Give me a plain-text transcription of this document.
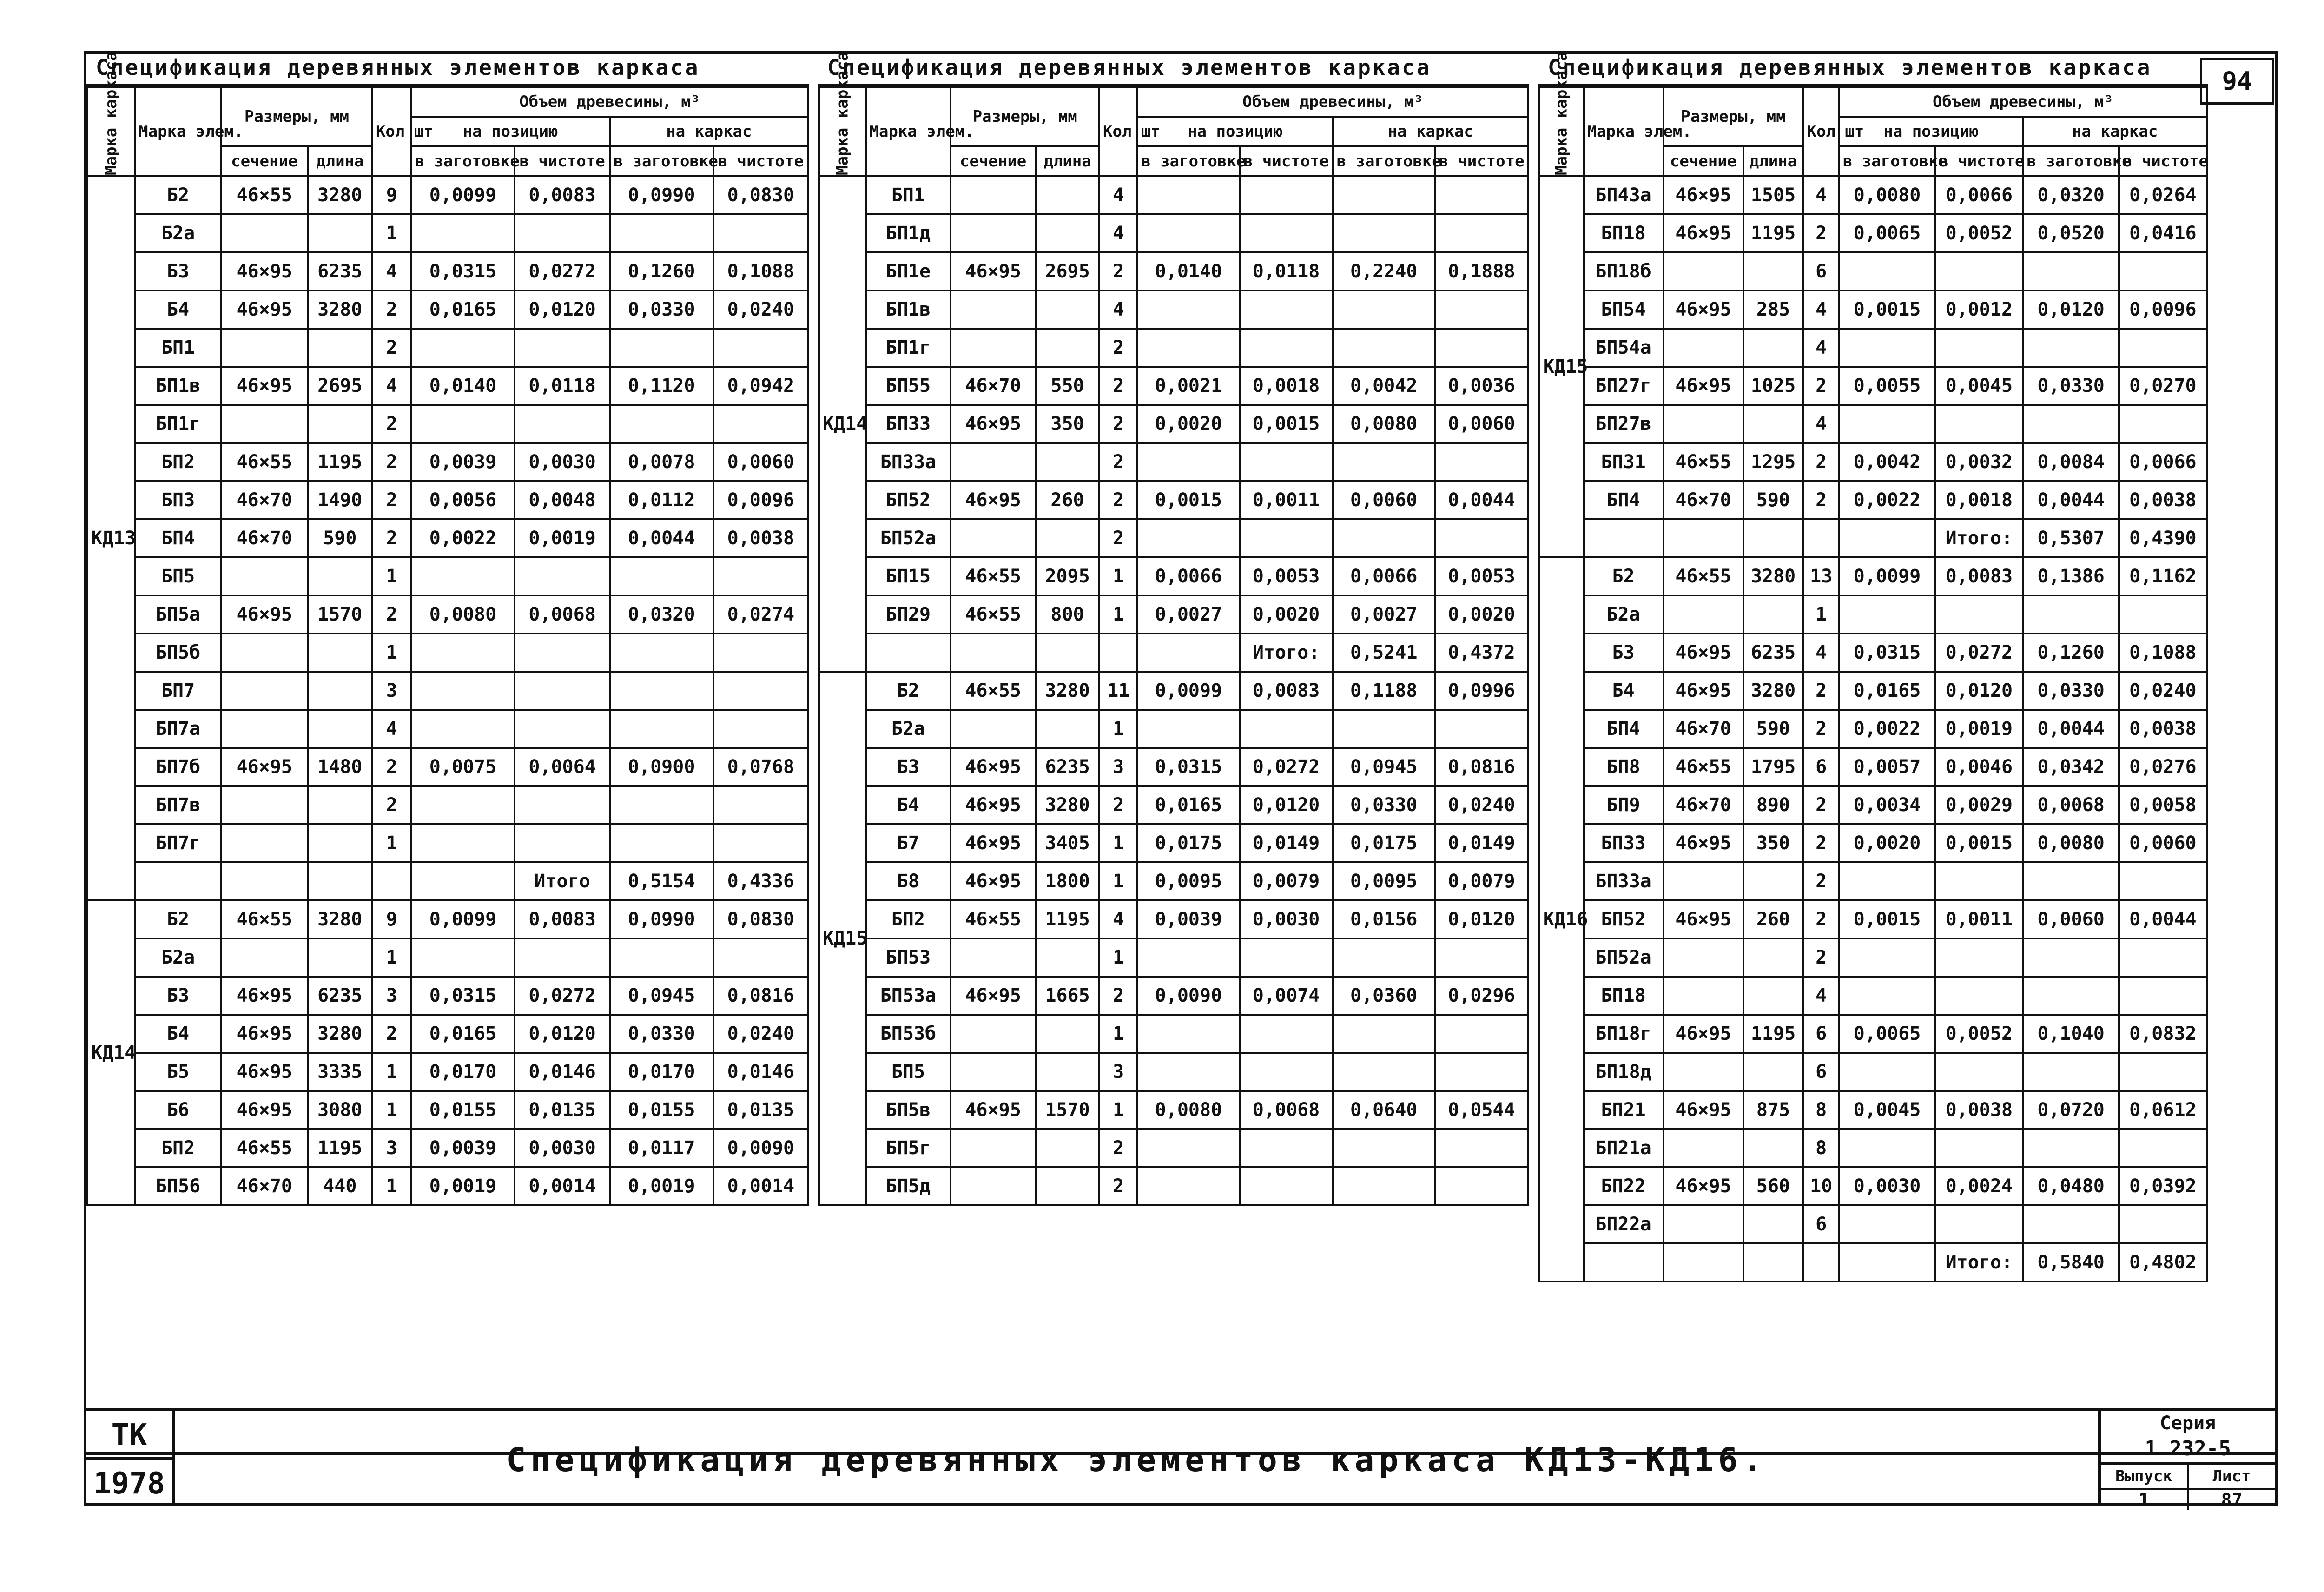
94
Спецификация деревянных элементов каркаса
Марка каркаса	Марка элем.	Размеры, мм		Кол шт	Объем древесины, м³			
					на позицию		на каркас	
		сечение	длина		в заготовке	в чистоте	в заготовке	в чистоте
КД13	Б2	46×55	3280	9	0,0099	0,0083	0,0990	0,0830
	Б2а			1				
	Б3	46×95	6235	4	0,0315	0,0272	0,1260	0,1088
	Б4	46×95	3280	2	0,0165	0,0120	0,0330	0,0240
	БП1			2				
	БП1в	46×95	2695	4	0,0140	0,0118	0,1120	0,0942
	БП1г			2				
	БП2	46×55	1195	2	0,0039	0,0030	0,0078	0,0060
	БП3	46×70	1490	2	0,0056	0,0048	0,0112	0,0096
	БП4	46×70	590	2	0,0022	0,0019	0,0044	0,0038
	БП5			1				
	БП5а	46×95	1570	2	0,0080	0,0068	0,0320	0,0274
	БП5б			1				
	БП7			3				
	БП7а			4				
	БП7б	46×95	1480	2	0,0075	0,0064	0,0900	0,0768
	БП7в			2				
	БП7г			1				
						Итого	0,5154	0,4336
КД14	Б2	46×55	3280	9	0,0099	0,0083	0,0990	0,0830
	Б2а			1				
	Б3	46×95	6235	3	0,0315	0,0272	0,0945	0,0816
	Б4	46×95	3280	2	0,0165	0,0120	0,0330	0,0240
	Б5	46×95	3335	1	0,0170	0,0146	0,0170	0,0146
	Б6	46×95	3080	1	0,0155	0,0135	0,0155	0,0135
	БП2	46×55	1195	3	0,0039	0,0030	0,0117	0,0090
	БП56	46×70	440	1	0,0019	0,0014	0,0019	0,0014
Спецификация деревянных элементов каркаса
Марка каркаса	Марка элем.	Размеры, мм		Кол шт	Объем древесины, м³			
					на позицию		на каркас	
		сечение	длина		в заготовке	в чистоте	в заготовке	в чистоте
КД14	БП1			4				
	БП1д			4				
	БП1е	46×95	2695	2	0,0140	0,0118	0,2240	0,1888
	БП1в			4				
	БП1г			2				
	БП55	46×70	550	2	0,0021	0,0018	0,0042	0,0036
	БП33	46×95	350	2	0,0020	0,0015	0,0080	0,0060
	БП33а			2				
	БП52	46×95	260	2	0,0015	0,0011	0,0060	0,0044
	БП52а			2				
	БП15	46×55	2095	1	0,0066	0,0053	0,0066	0,0053
	БП29	46×55	800	1	0,0027	0,0020	0,0027	0,0020
						Итого:	0,5241	0,4372
КД15	Б2	46×55	3280	11	0,0099	0,0083	0,1188	0,0996
	Б2а			1				
	Б3	46×95	6235	3	0,0315	0,0272	0,0945	0,0816
	Б4	46×95	3280	2	0,0165	0,0120	0,0330	0,0240
	Б7	46×95	3405	1	0,0175	0,0149	0,0175	0,0149
	Б8	46×95	1800	1	0,0095	0,0079	0,0095	0,0079
	БП2	46×55	1195	4	0,0039	0,0030	0,0156	0,0120
	БП53			1				
	БП53а	46×95	1665	2	0,0090	0,0074	0,0360	0,0296
	БП53б			1				
	БП5			3				
	БП5в	46×95	1570	1	0,0080	0,0068	0,0640	0,0544
	БП5г			2				
	БП5д			2				
Спецификация деревянных элементов каркаса
Марка каркаса	Марка элем.	Размеры, мм		Кол шт	Объем древесины, м³			
					на позицию		на каркас	
		сечение	длина		в заготовке	в чистоте	в заготовке	в чистоте
КД15	БП43а	46×95	1505	4	0,0080	0,0066	0,0320	0,0264
	БП18	46×95	1195	2	0,0065	0,0052	0,0520	0,0416
	БП18б			6				
	БП54	46×95	285	4	0,0015	0,0012	0,0120	0,0096
	БП54а			4				
	БП27г	46×95	1025	2	0,0055	0,0045	0,0330	0,0270
	БП27в			4				
	БП31	46×55	1295	2	0,0042	0,0032	0,0084	0,0066
	БП4	46×70	590	2	0,0022	0,0018	0,0044	0,0038
						Итого:	0,5307	0,4390
КД16	Б2	46×55	3280	13	0,0099	0,0083	0,1386	0,1162
	Б2а			1				
	Б3	46×95	6235	4	0,0315	0,0272	0,1260	0,1088
	Б4	46×95	3280	2	0,0165	0,0120	0,0330	0,0240
	БП4	46×70	590	2	0,0022	0,0019	0,0044	0,0038
	БП8	46×55	1795	6	0,0057	0,0046	0,0342	0,0276
	БП9	46×70	890	2	0,0034	0,0029	0,0068	0,0058
	БП33	46×95	350	2	0,0020	0,0015	0,0080	0,0060
	БП33а			2				
	БП52	46×95	260	2	0,0015	0,0011	0,0060	0,0044
	БП52а			2				
	БП18			4				
	БП18г	46×95	1195	6	0,0065	0,0052	0,1040	0,0832
	БП18д			6				
	БП21	46×95	875	8	0,0045	0,0038	0,0720	0,0612
	БП21а			8				
	БП22	46×95	560	10	0,0030	0,0024	0,0480	0,0392
	БП22а			6				
						Итого:	0,5840	0,4802
ТК
1978
Спецификация деревянных элементов каркаса КД13-КД16.
Серия
1.232-5
Выпуск	Лист
1	87
